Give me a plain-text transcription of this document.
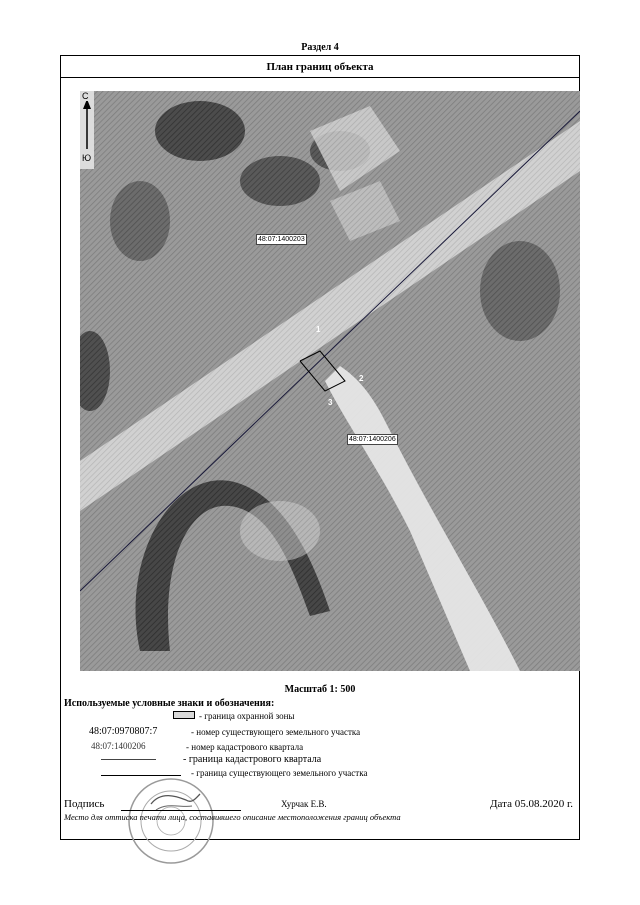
Раздел 4
План границ объекта
С
Ю
48:07:1400203
48:07:1400206
1
2
3
Масштаб 1: 500
Используемые условные знаки и обозначения:
- граница охранной зоны
48:07:0970807:7	- номер существующего земельного участка
48:07:1400206	- номер кадастрового квартала
- граница кадастрового квартала
- граница существующего земельного участка
Подпись	Хурчак Е.В.	Дата 05.08.2020 г.
Место для оттиска печати лица, составившего описание местоположения границ объекта
